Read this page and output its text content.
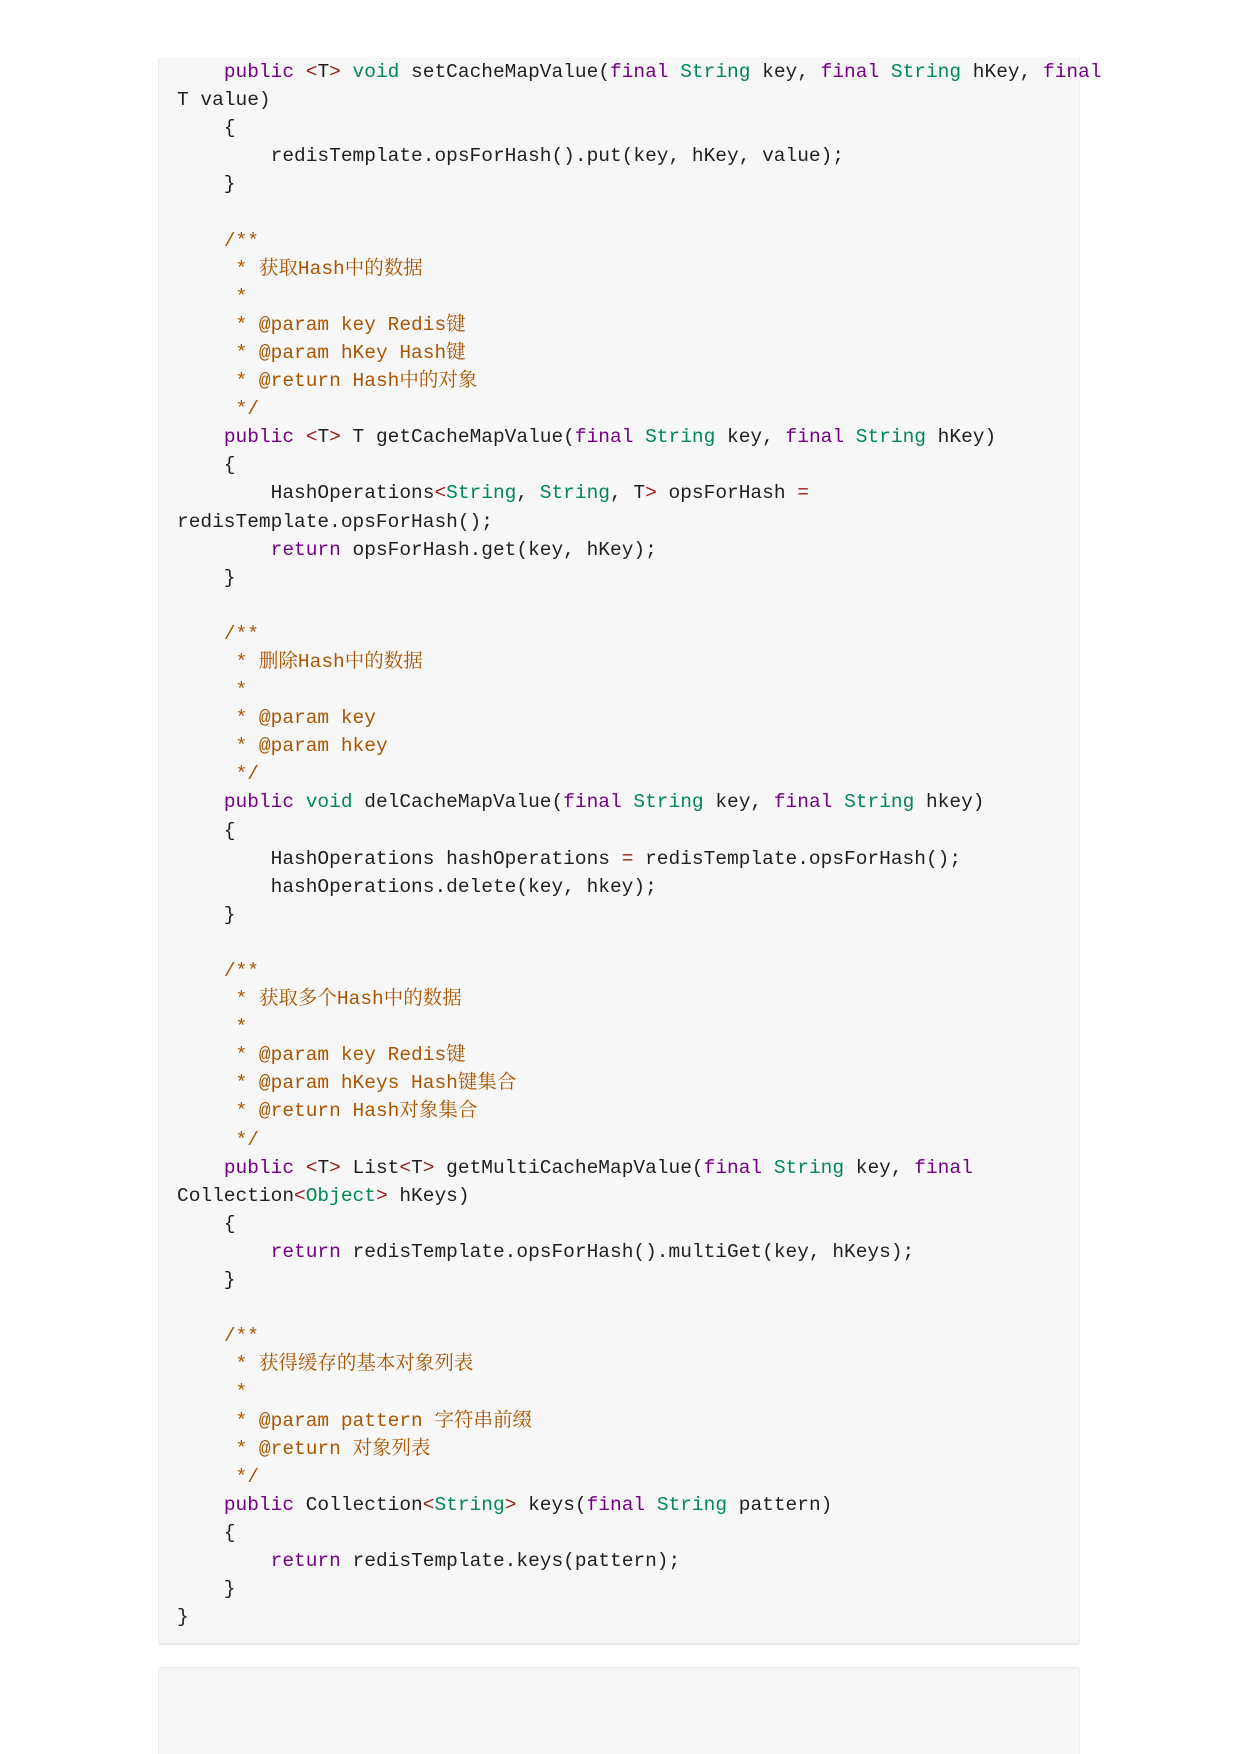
public <T> void setCacheMapValue(final String key, final String hKey, final
T value)
{
redisTemplate.opsForHash().put(key, hKey, value);
}
/**
* 获取Hash中的数据
*
* @param key Redis键
* @param hKey Hash键
* @return Hash中的对象
*/
public <T> T getCacheMapValue(final String key, final String hKey)
{
HashOperations<String, String, T> opsForHash =
redisTemplate.opsForHash();
return opsForHash.get(key, hKey);
}
/**
* 删除Hash中的数据
*
* @param key
* @param hkey
*/
public void delCacheMapValue(final String key, final String hkey)
{
HashOperations hashOperations = redisTemplate.opsForHash();
hashOperations.delete(key, hkey);
}
/**
* 获取多个Hash中的数据
*
* @param key Redis键
* @param hKeys Hash键集合
* @return Hash对象集合
*/
public <T> List<T> getMultiCacheMapValue(final String key, final
Collection<Object> hKeys)
{
return redisTemplate.opsForHash().multiGet(key, hKeys);
}
/**
* 获得缓存的基本对象列表
*
* @param pattern 字符串前缀
* @return 对象列表
*/
public Collection<String> keys(final String pattern)
{
return redisTemplate.keys(pattern);
}
}
